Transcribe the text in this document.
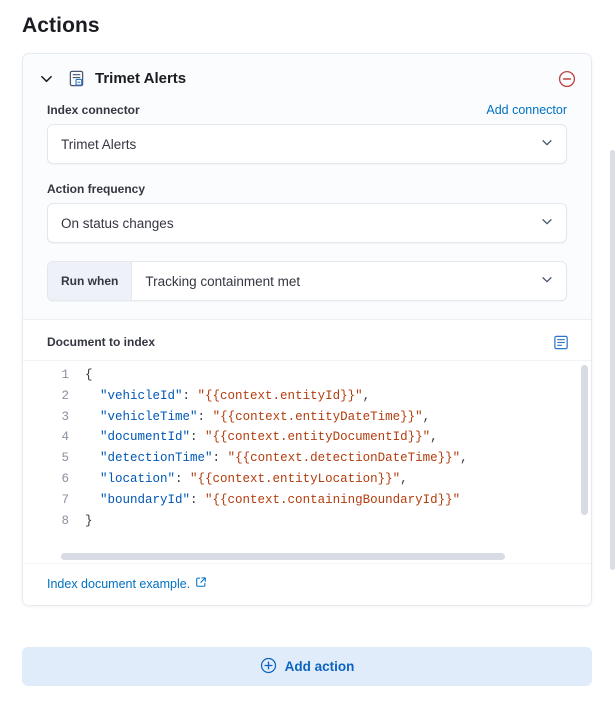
Actions
Trimet Alerts
Index connector	Add connector
Trimet Alerts
Action frequency
On status changes
Run when	Tracking containment met
Document to index
1
2
3
4
5
6
7
8
{
"vehicleId": "{{context.entityId}}",
"vehicleTime": "{{context.entityDateTime}}",
"documentId": "{{context.entityDocumentId}}",
"detectionTime": "{{context.detectionDateTime}}",
"location": "{{context.entityLocation}}",
"boundaryId": "{{context.containingBoundaryId}}"
}
Index document example.
Add action
